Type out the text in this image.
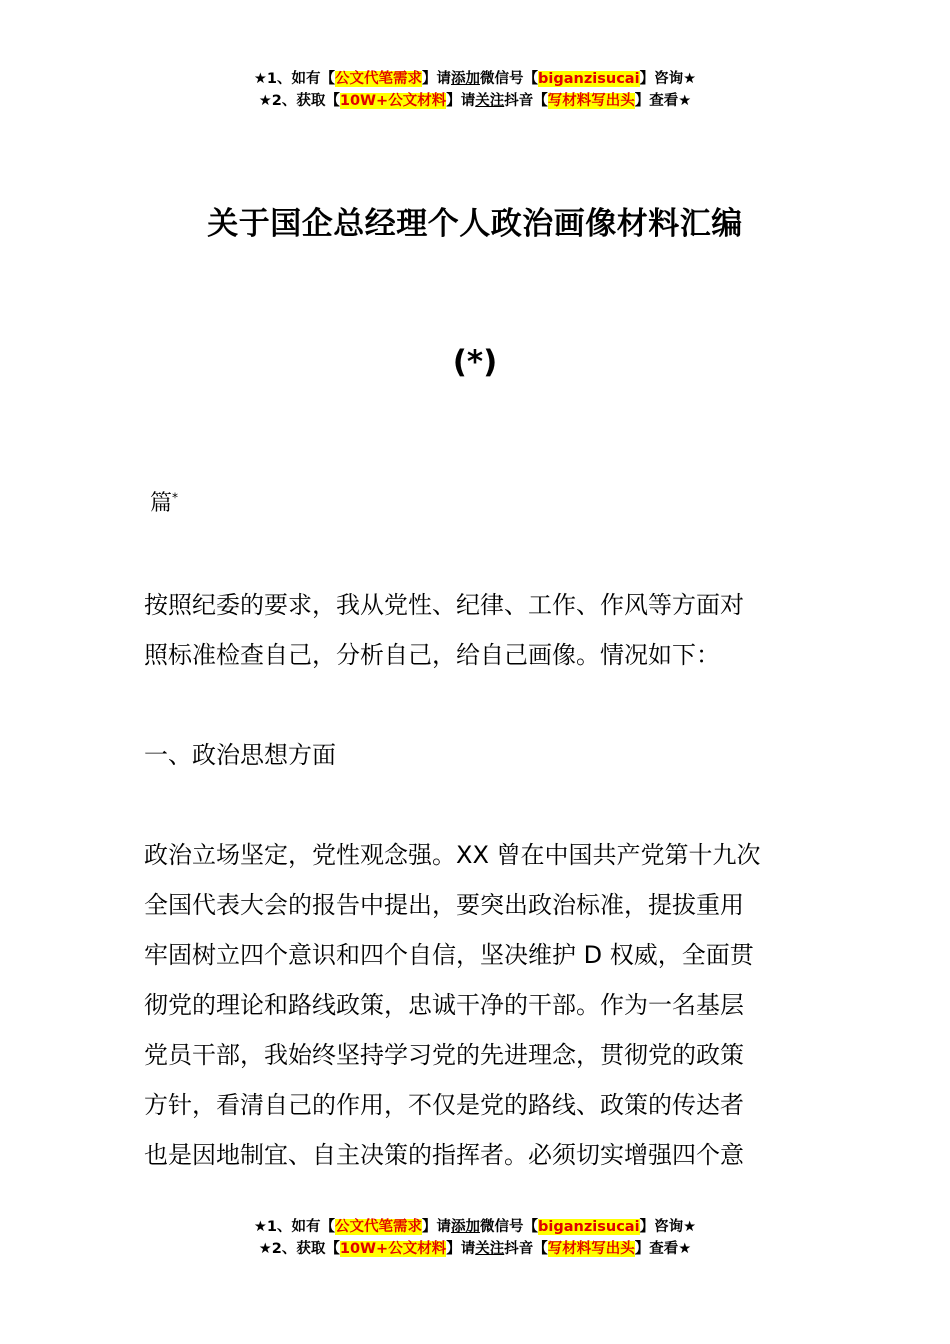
★1、如有【公文代笔需求】请添加微信号【biganzisucai】咨询★
★2、获取【10W+公文材料】请关注抖音【写材料写出头】查看★
关于国企总经理个人政治画像材料汇编
(*)
篇*
按照纪委的要求，我从党性、纪律、工作、作风等方面对
照标准检查自己，分析自己，给自己画像。情况如下：
一、政治思想方面
政治立场坚定，党性观念强。XX 曾在中国共产党第十九次
全国代表大会的报告中提出，要突出政治标准，提拔重用
牢固树立四个意识和四个自信，坚决维护 D 权威，全面贯
彻党的理论和路线政策，忠诚干净的干部。作为一名基层
党员干部，我始终坚持学习党的先进理念，贯彻党的政策
方针，看清自己的作用，不仅是党的路线、政策的传达者
也是因地制宜、自主决策的指挥者。必须切实增强四个意
★1、如有【公文代笔需求】请添加微信号【biganzisucai】咨询★
★2、获取【10W+公文材料】请关注抖音【写材料写出头】查看★
